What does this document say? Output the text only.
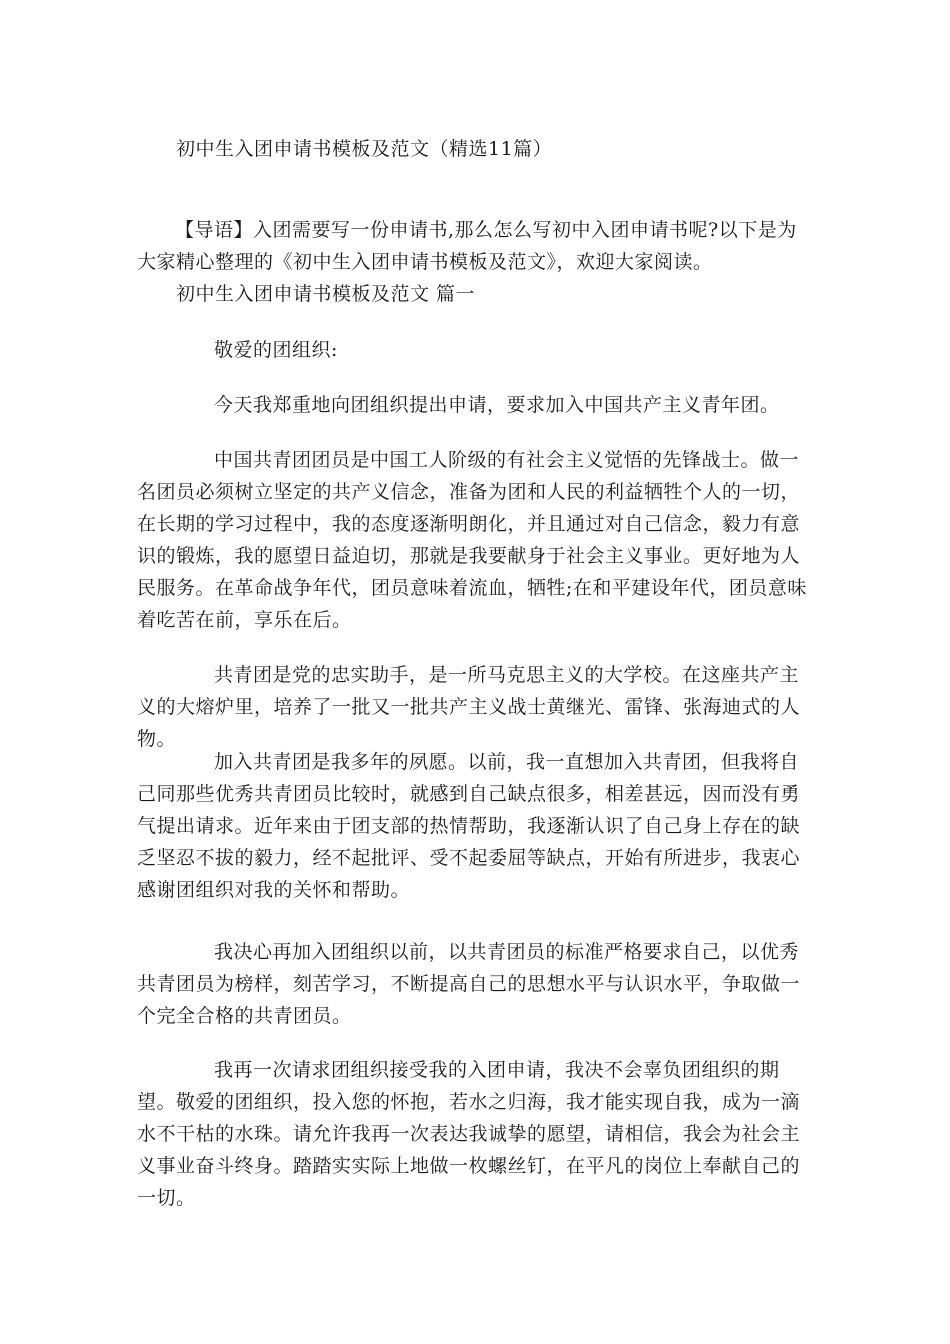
初中生入团申请书模板及范文（精选11篇）

【导语】入团需要写一份申请书,那么怎么写初中入团申请书呢?以下是为大家精心整理的《初中生入团申请书模板及范文》，欢迎大家阅读。

初中生入团申请书模板及范文 篇一

敬爱的团组织:

今天我郑重地向团组织提出申请，要求加入中国共产主义青年团。

中国共青团团员是中国工人阶级的有社会主义觉悟的先锋战士。做一名团员必须树立坚定的共产义信念，准备为团和人民的利益牺牲个人的一切，在长期的学习过程中，我的态度逐渐明朗化，并且通过对自己信念，毅力有意识的锻炼，我的愿望日益迫切，那就是我要献身于社会主义事业。更好地为人民服务。在革命战争年代，团员意味着流血，牺牲;在和平建设年代，团员意味着吃苦在前，享乐在后。

共青团是党的忠实助手，是一所马克思主义的大学校。在这座共产主义的大熔炉里，培养了一批又一批共产主义战士黄继光、雷锋、张海迪式的人物。

加入共青团是我多年的夙愿。以前，我一直想加入共青团，但我将自己同那些优秀共青团员比较时，就感到自己缺点很多，相差甚远，因而没有勇气提出请求。近年来由于团支部的热情帮助，我逐渐认识了自己身上存在的缺乏坚忍不拔的毅力，经不起批评、受不起委屈等缺点，开始有所进步，我衷心感谢团组织对我的关怀和帮助。

我决心再加入团组织以前，以共青团员的标准严格要求自己，以优秀共青团员为榜样，刻苦学习，不断提高自己的思想水平与认识水平，争取做一个完全合格的共青团员。

我再一次请求团组织接受我的入团申请，我决不会辜负团组织的期望。敬爱的团组织，投入您的怀抱，若水之归海，我才能实现自我，成为一滴水不干枯的水珠。请允许我再一次表达我诚挚的愿望，请相信，我会为社会主义事业奋斗终身。踏踏实实际上地做一枚螺丝钉，在平凡的岗位上奉献自己的一切。
